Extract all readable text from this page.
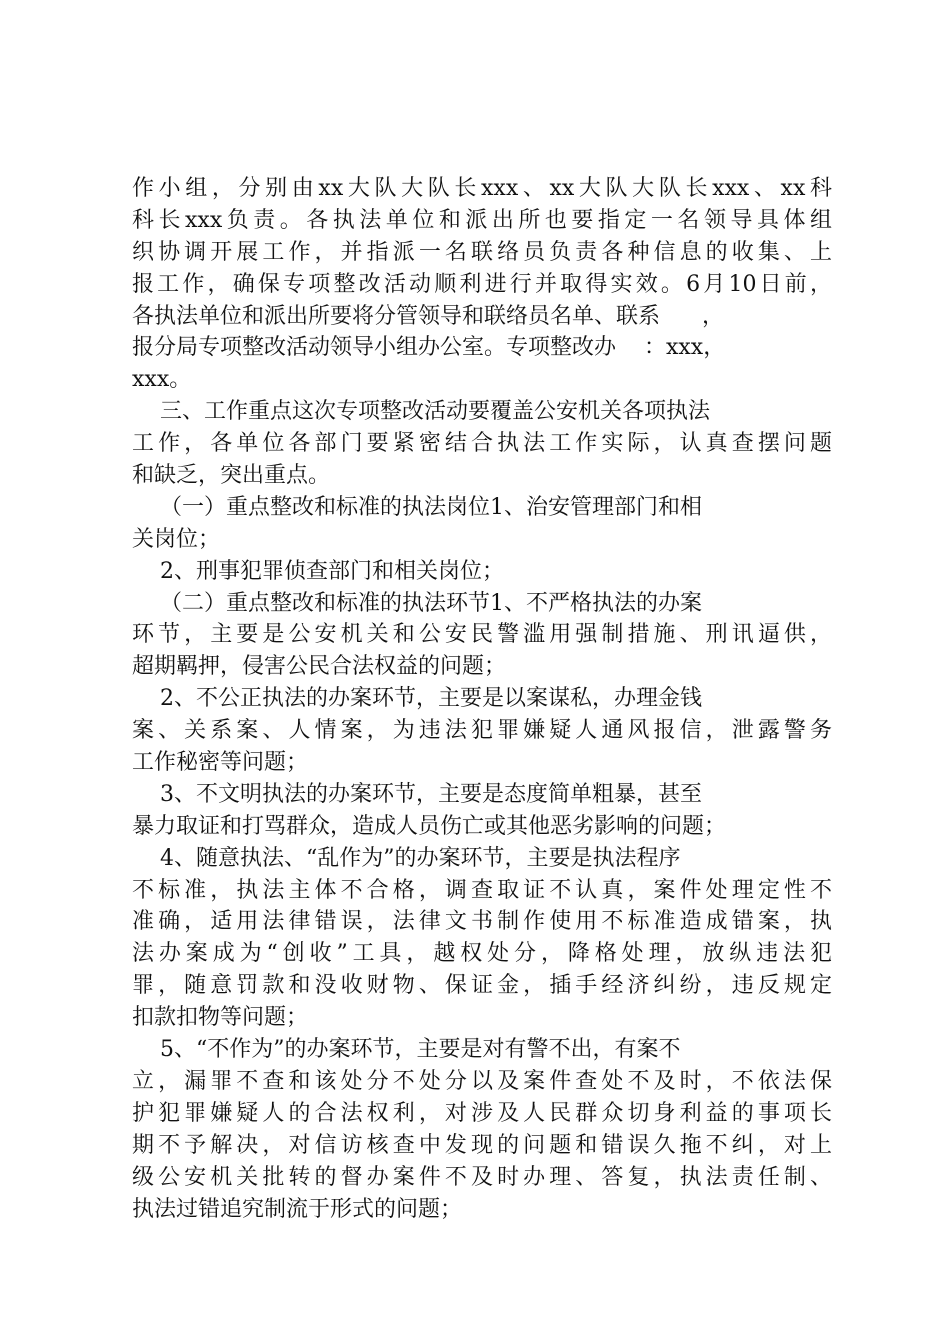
作小组，分别由xx大队大队长xxx、xx大队大队长xxx、xx科
科长xxx负责。各执法单位和派出所也要指定一名领导具体组
织协调开展工作，并指派一名联络员负责各种信息的收集、上
报工作，确保专项整改活动顺利进行并取得实效。6月10日前，
各执法单位和派出所要将分管领导和联络员名单、联系      ，
报分局专项整改活动领导小组办公室。专项整改办    ：xxx，
xxx。
三、工作重点这次专项整改活动要覆盖公安机关各项执法
工作，各单位各部门要紧密结合执法工作实际，认真查摆问题
和缺乏，突出重点。
（一）重点整改和标准的执法岗位1、治安管理部门和相
关岗位；
2、刑事犯罪侦查部门和相关岗位；
（二）重点整改和标准的执法环节1、不严格执法的办案
环节，主要是公安机关和公安民警滥用强制措施、刑讯逼供，
超期羁押，侵害公民合法权益的问题；
2、不公正执法的办案环节，主要是以案谋私，办理金钱
案、关系案、人情案，为违法犯罪嫌疑人通风报信，泄露警务
工作秘密等问题；
3、不文明执法的办案环节，主要是态度简单粗暴，甚至
暴力取证和打骂群众，造成人员伤亡或其他恶劣影响的问题；
4、随意执法、“乱作为”的办案环节，主要是执法程序
不标准，执法主体不合格，调查取证不认真，案件处理定性不
准确，适用法律错误，法律文书制作使用不标准造成错案，执
法办案成为“创收”工具，越权处分，降格处理，放纵违法犯
罪，随意罚款和没收财物、保证金，插手经济纠纷，违反规定
扣款扣物等问题；
5、“不作为”的办案环节，主要是对有警不出，有案不
立，漏罪不查和该处分不处分以及案件查处不及时，不依法保
护犯罪嫌疑人的合法权利，对涉及人民群众切身利益的事项长
期不予解决，对信访核查中发现的问题和错误久拖不纠，对上
级公安机关批转的督办案件不及时办理、答复，执法责任制、
执法过错追究制流于形式的问题；
